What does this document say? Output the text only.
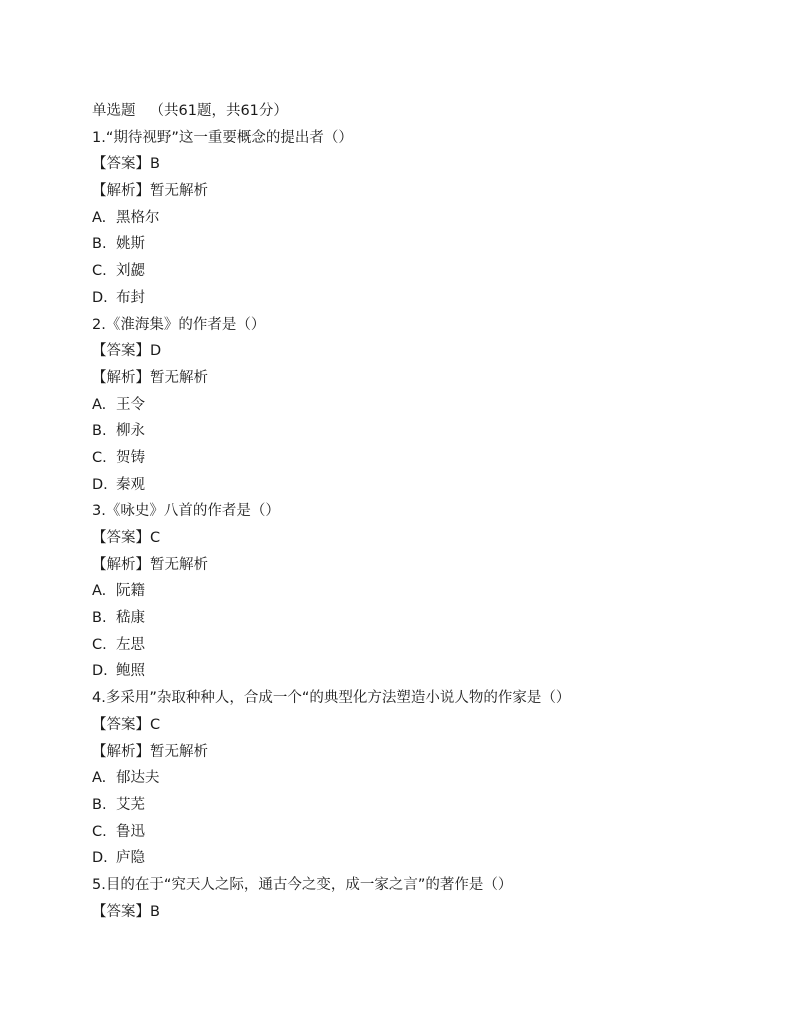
单选题 （共61题，共61分）
1.“期待视野”这一重要概念的提出者（）
【答案】B
【解析】暂无解析
A. 黑格尔
B. 姚斯
C. 刘勰
D. 布封
2.《淮海集》的作者是（）
【答案】D
【解析】暂无解析
A. 王令
B. 柳永
C. 贺铸
D. 秦观
3.《咏史》八首的作者是（）
【答案】C
【解析】暂无解析
A. 阮籍
B. 嵇康
C. 左思
D. 鲍照
4.多采用”杂取种种人，合成一个“的典型化方法塑造小说人物的作家是（）
【答案】C
【解析】暂无解析
A. 郁达夫
B. 艾芜
C. 鲁迅
D. 庐隐
5.目的在于“究天人之际，通古今之变，成一家之言”的著作是（）
【答案】B
